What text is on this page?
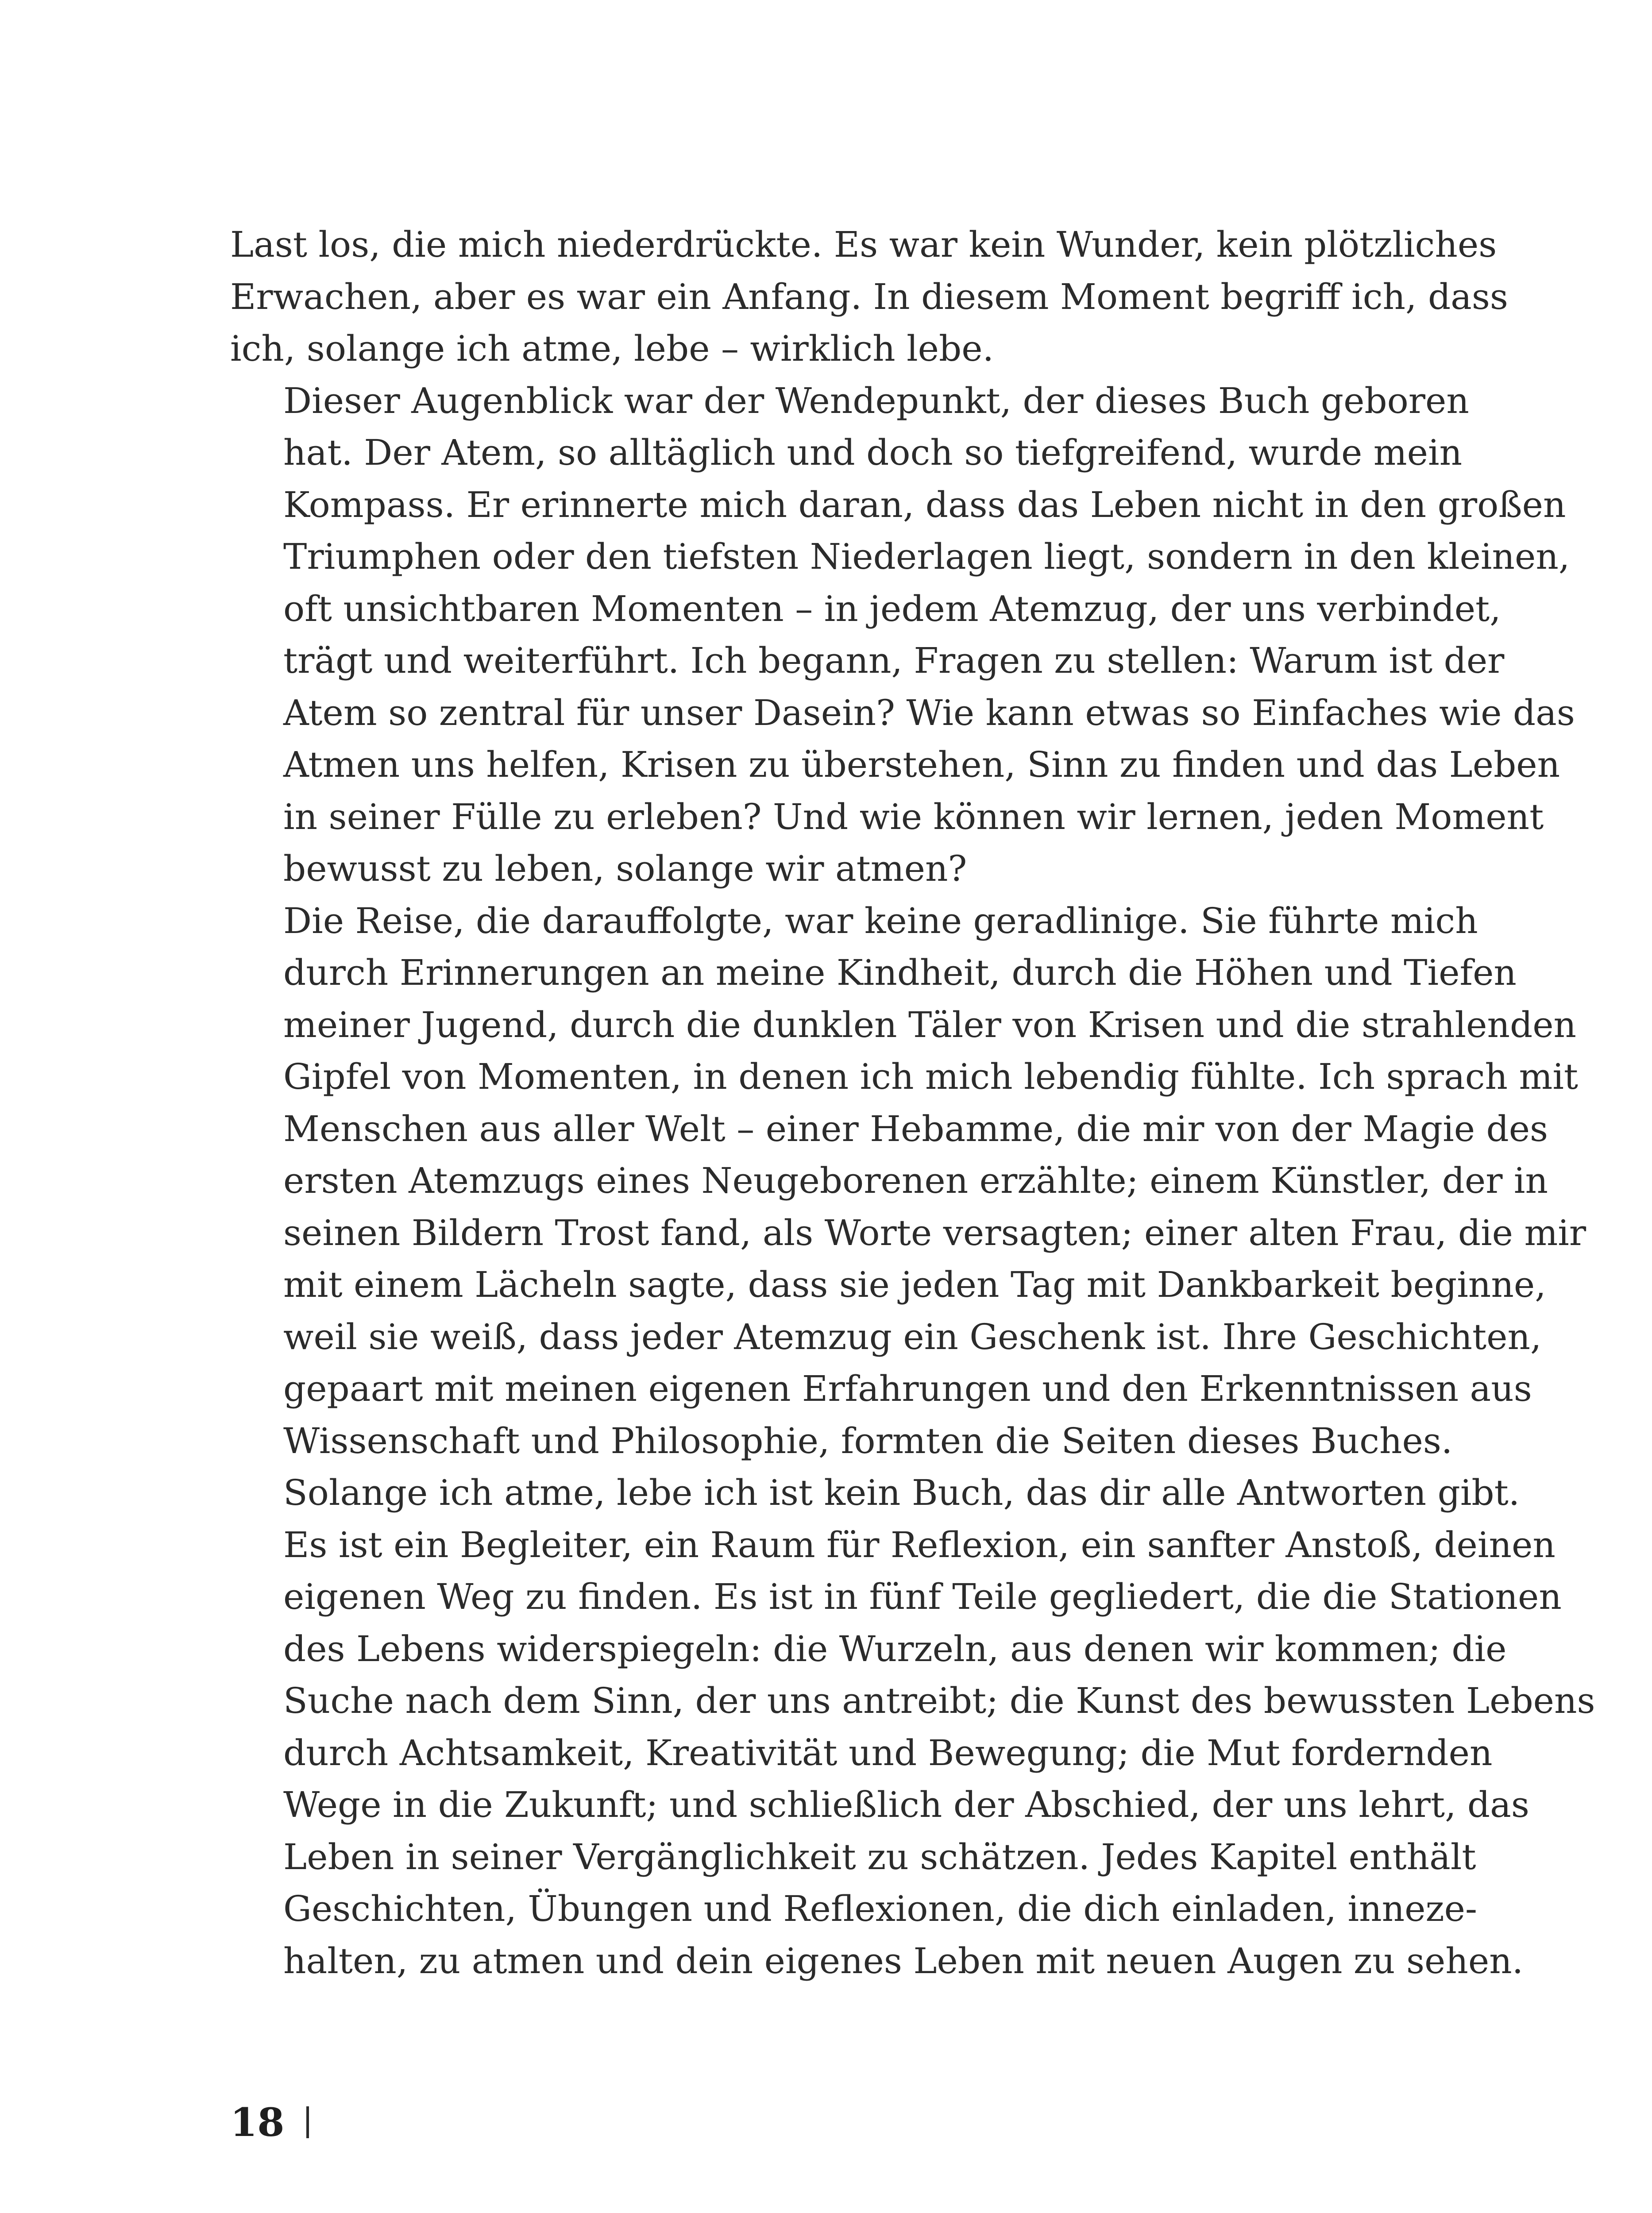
Last los, die mich niederdrückte. Es war kein Wunder, kein plötzliches
Erwachen, aber es war ein Anfang. In diesem Moment begriff ich, dass
ich, solange ich atme, lebe – wirklich lebe.

Dieser Augenblick war der Wendepunkt, der dieses Buch geboren
hat. Der Atem, so alltäglich und doch so tiefgreifend, wurde mein
Kompass. Er erinnerte mich daran, dass das Leben nicht in den großen
Triumphen oder den tiefsten Niederlagen liegt, sondern in den kleinen,
oft unsichtbaren Momenten – in jedem Atemzug, der uns verbindet,
trägt und weiterführt. Ich begann, Fragen zu stellen: Warum ist der
Atem so zentral für unser Dasein? Wie kann etwas so Einfaches wie das
Atmen uns helfen, Krisen zu überstehen, Sinn zu finden und das Leben
in seiner Fülle zu erleben? Und wie können wir lernen, jeden Moment
bewusst zu leben, solange wir atmen?

Die Reise, die darauffolgte, war keine geradlinige. Sie führte mich
durch Erinnerungen an meine Kindheit, durch die Höhen und Tiefen
meiner Jugend, durch die dunklen Täler von Krisen und die strahlenden
Gipfel von Momenten, in denen ich mich lebendig fühlte. Ich sprach mit
Menschen aus aller Welt – einer Hebamme, die mir von der Magie des
ersten Atemzugs eines Neugeborenen erzählte; einem Künstler, der in
seinen Bildern Trost fand, als Worte versagten; einer alten Frau, die mir
mit einem Lächeln sagte, dass sie jeden Tag mit Dankbarkeit beginne,
weil sie weiß, dass jeder Atemzug ein Geschenk ist. Ihre Geschichten,
gepaart mit meinen eigenen Erfahrungen und den Erkenntnissen aus
Wissenschaft und Philosophie, formten die Seiten dieses Buches.

Solange ich atme, lebe ich ist kein Buch, das dir alle Antworten gibt.
Es ist ein Begleiter, ein Raum für Reflexion, ein sanfter Anstoß, deinen
eigenen Weg zu finden. Es ist in fünf Teile gegliedert, die die Stationen
des Lebens widerspiegeln: die Wurzeln, aus denen wir kommen; die
Suche nach dem Sinn, der uns antreibt; die Kunst des bewussten Lebens
durch Achtsamkeit, Kreativität und Bewegung; die Mut fordernden
Wege in die Zukunft; und schließlich der Abschied, der uns lehrt, das
Leben in seiner Vergänglichkeit zu schätzen. Jedes Kapitel enthält
Geschichten, Übungen und Reflexionen, die dich einladen, inneze-
halten, zu atmen und dein eigenes Leben mit neuen Augen zu sehen.

18
